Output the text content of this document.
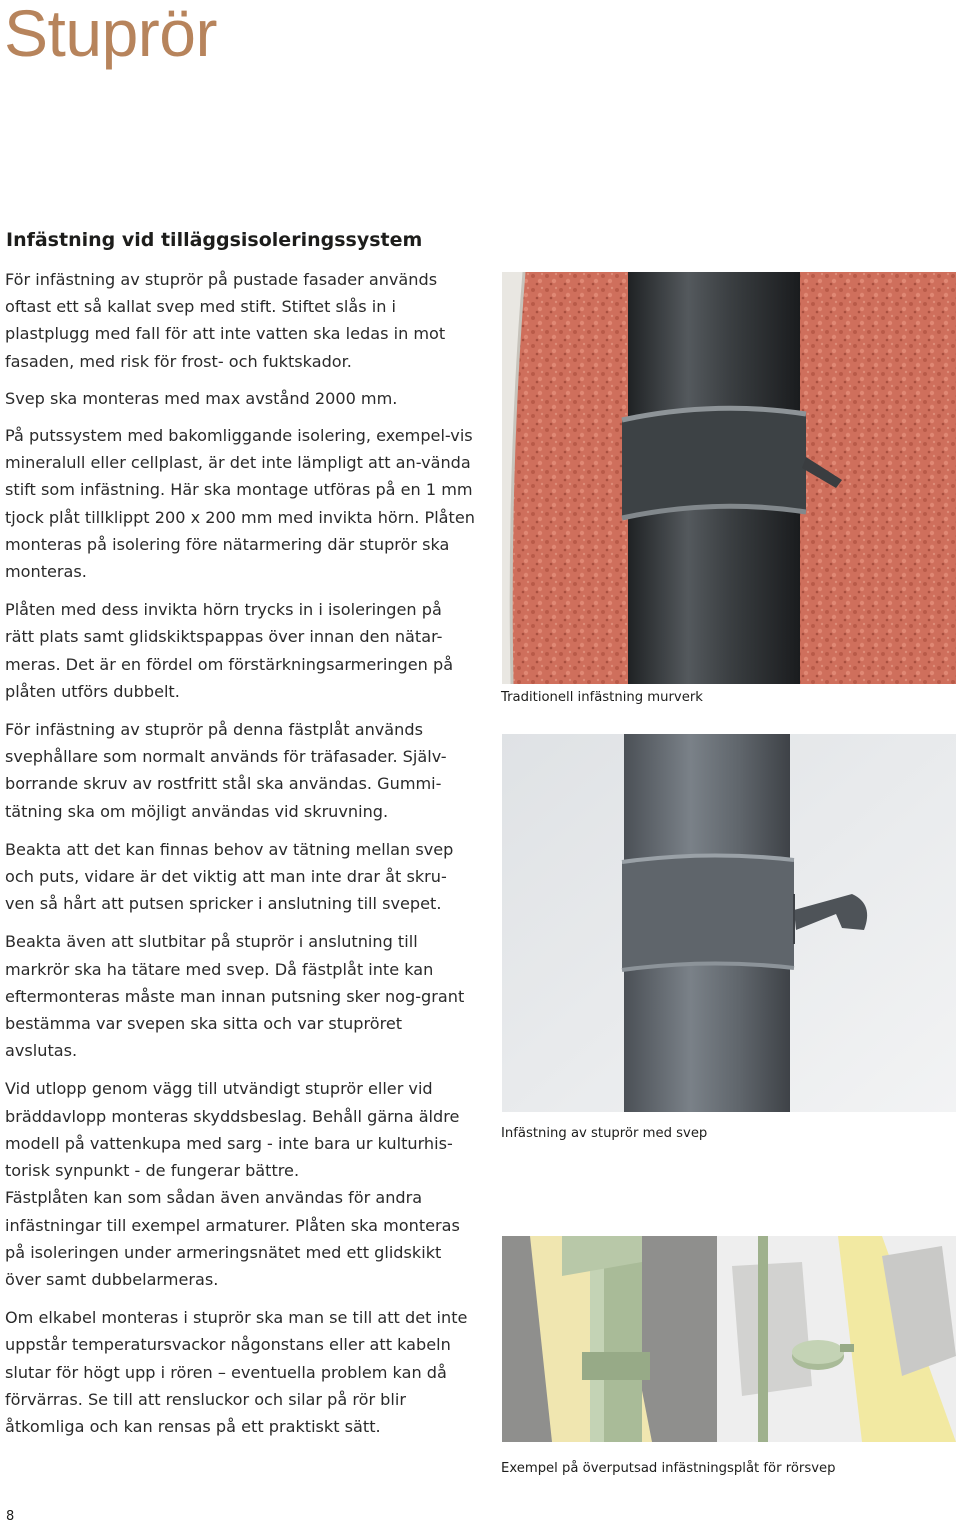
Stuprör
Infästning vid tilläggsisoleringssystem

För infästning av stuprör på pustade fasader används oftast ett så kallat svep med stift. Stiftet slås in i plastplugg med fall för att inte vatten ska ledas in mot fasaden, med risk för frost- och fuktskador.

Svep ska monteras med max avstånd 2000 mm.

På putssystem med bakomliggande isolering, exempel-vis mineralull eller cellplast, är det inte lämpligt att an-vända stift som infästning. Här ska montage utföras på en 1 mm tjock plåt tillklippt 200 x 200 mm med invikta hörn. Plåten monteras på isolering före nätarmering där stuprör ska monteras.

Plåten med dess invikta hörn trycks in i isoleringen på rätt plats samt glidskiktspappas över innan den nätar-meras. Det är en fördel om förstärkningsarmeringen på plåten utförs dubbelt.

För infästning av stuprör på denna fästplåt används svephållare som normalt används för träfasader. Själv-borrande skruv av rostfritt stål ska användas. Gummi-tätning ska om möjligt användas vid skruvning.

Beakta att det kan finnas behov av tätning mellan svep och puts, vidare är det viktig att man inte drar åt skru-ven så hårt att putsen spricker i anslutning till svepet.

Beakta även att slutbitar på stuprör i anslutning till markrör ska ha tätare med svep. Då fästplåt inte kan eftermonteras måste man innan putsning sker nog-grant bestämma var svepen ska sitta och var stupröret avslutas.

Vid utlopp genom vägg till utvändigt stuprör eller vid bräddavlopp monteras skyddsbeslag. Behåll gärna äldre modell på vattenkupa med sarg - inte bara ur kulturhis-torisk synpunkt - de fungerar bättre.

Fästplåten kan som sådan även användas för andra infästningar till exempel armaturer. Plåten ska monteras på isoleringen under armeringsnätet med ett glidskikt över samt dubbelarmeras.

Om elkabel monteras i stuprör ska man se till att det inte uppstår temperatursvackor någonstans eller att kabeln slutar för högt upp i rören – eventuella problem kan då förvärras. Se till att rensluckor och silar på rör blir åtkomliga och kan rensas på ett praktiskt sätt.

Traditionell infästning murverk

Infästning av stuprör med svep

Exempel på överputsad infästningsplåt för rörsvep

8
